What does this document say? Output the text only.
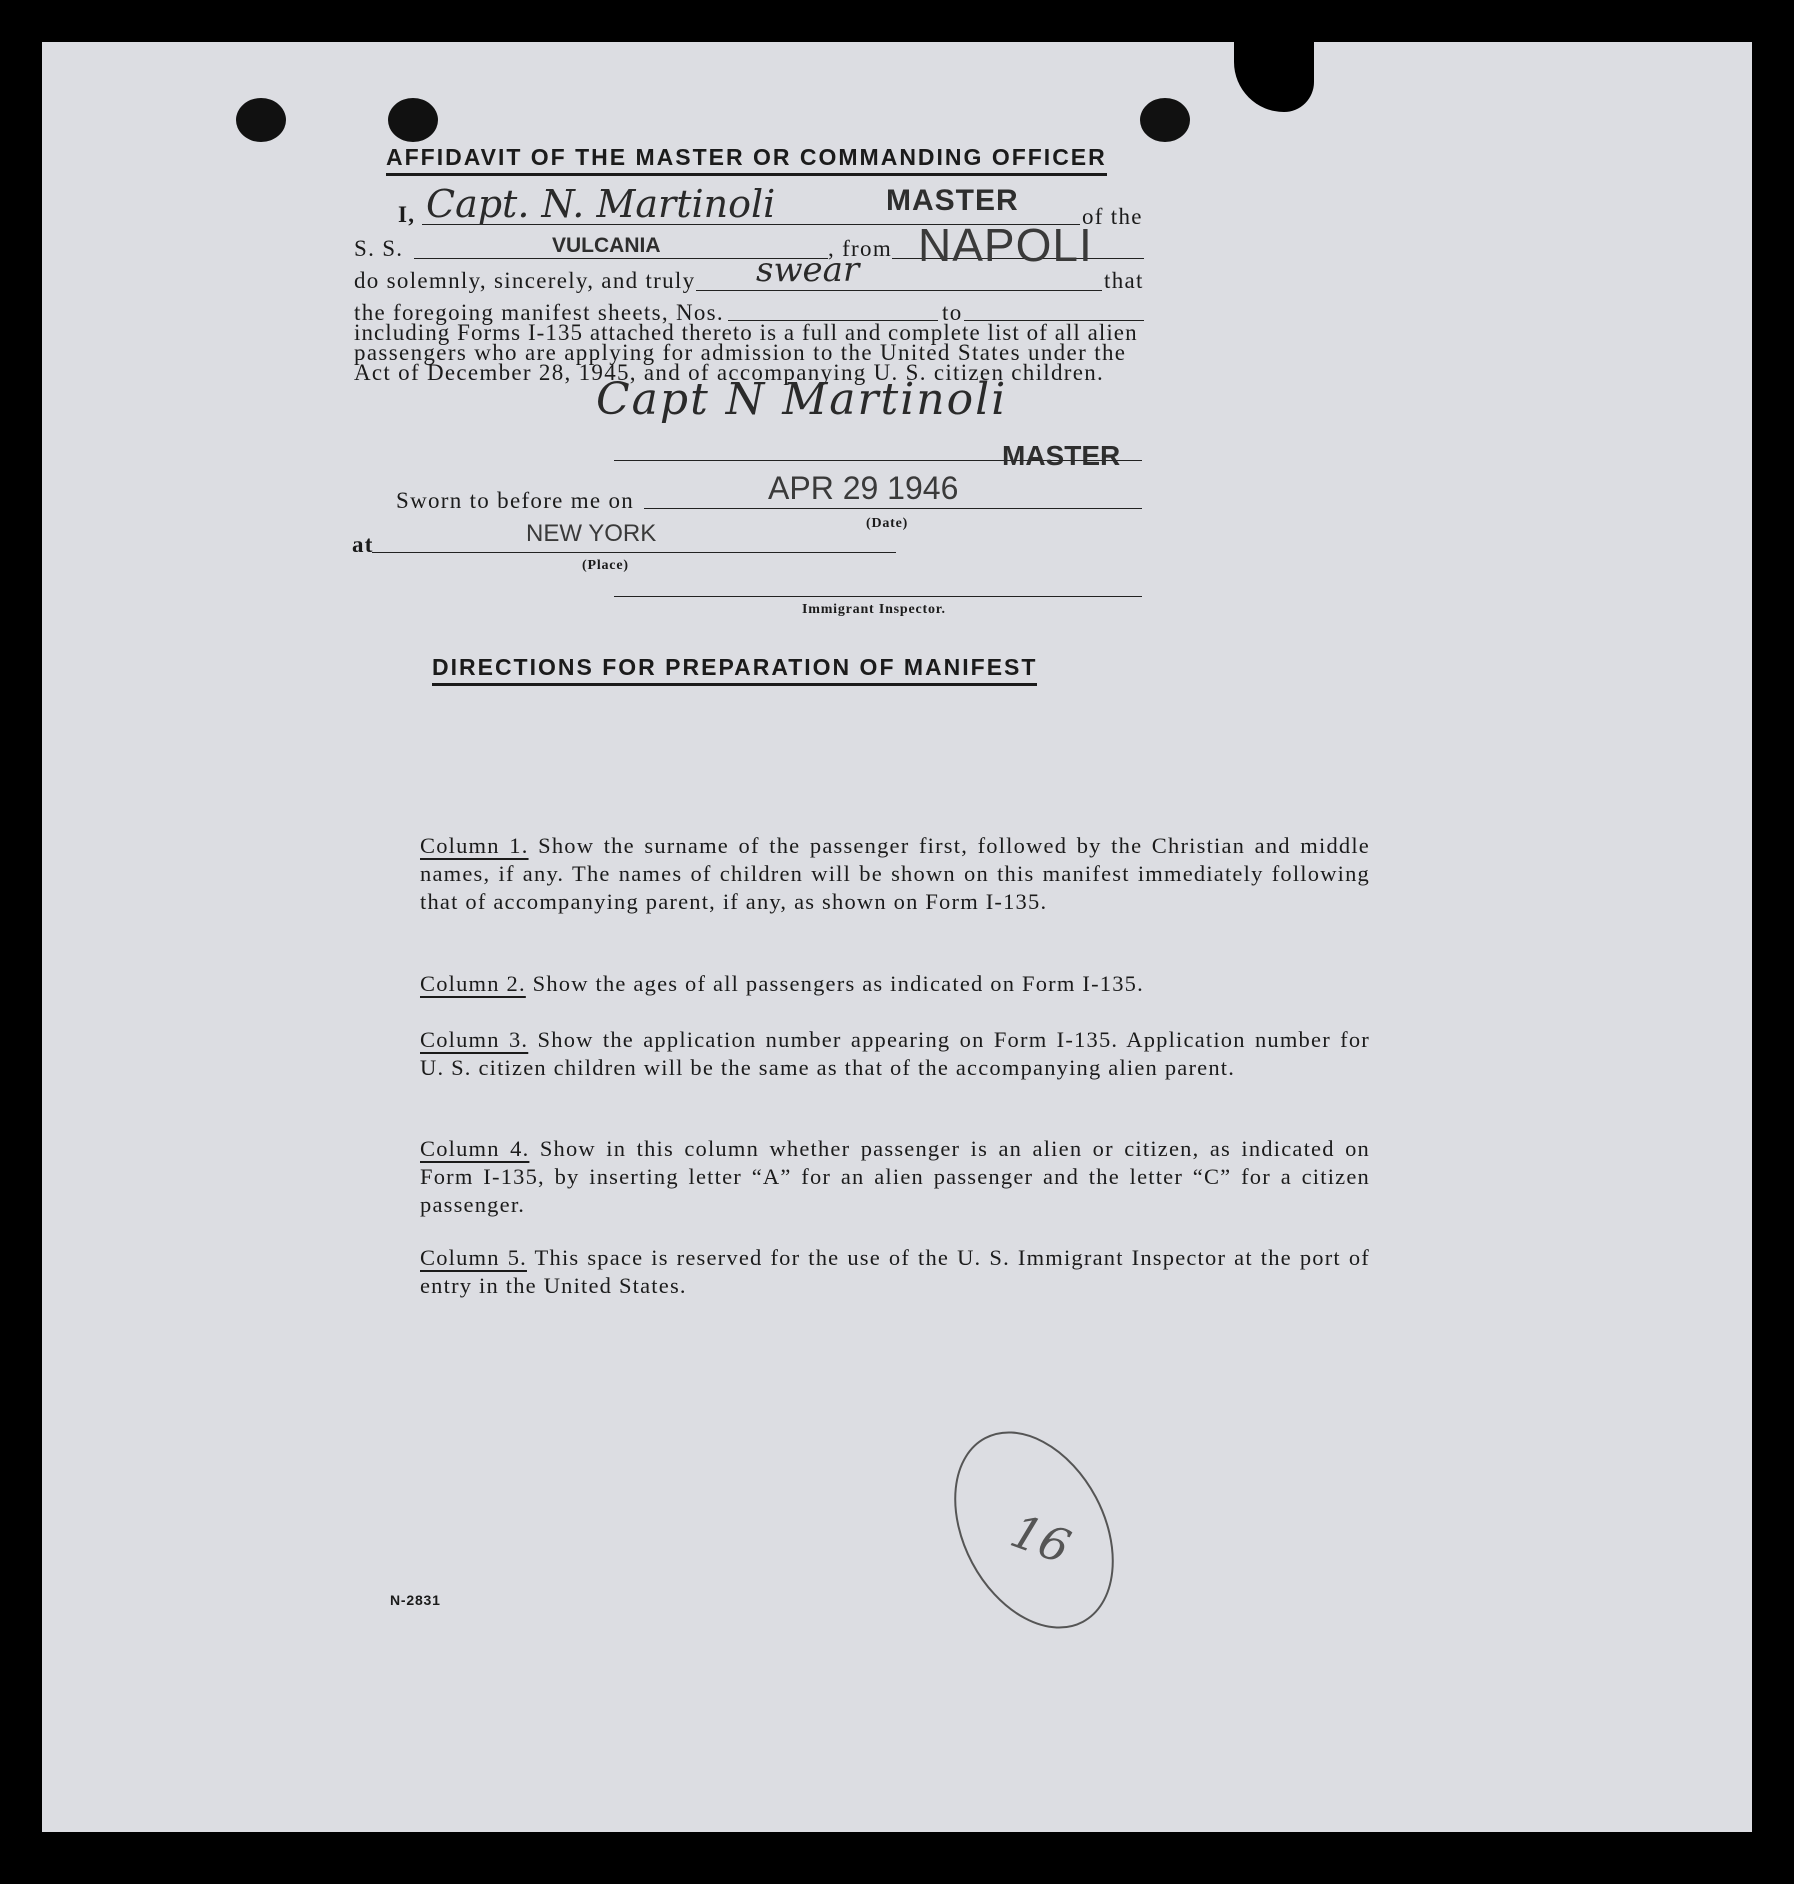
AFFIDAVIT OF THE MASTER OR COMMANDING OFFICER
I, Capt. N. Martinoli	MASTER	of the
S. S.	VULCANIA	, from NAPOLI
do solemnly, sincerely, and truly swear	that
the foregoing manifest sheets, Nos.	to
including Forms I-135 attached thereto is a full and complete list of all alien
passengers who are applying for admission to the United States under the
Act of December 28, 1945, and of accompanying U. S. citizen children.
Capt N Martinoli
MASTER
Sworn to before me on	APR 29 1946
(Date)
at	NEW YORK
(Place)
Immigrant Inspector.
DIRECTIONS FOR PREPARATION OF MANIFEST
Column 1. Show the surname of the passenger first, followed by the Christian and middle names, if any. The names of children will be shown on this manifest immediately following that of accompanying parent, if any, as shown on Form I-135.
Column 2. Show the ages of all passengers as indicated on Form I-135.
Column 3. Show the application number appearing on Form I-135. Application number for U. S. citizen children will be the same as that of the accompanying alien parent.
Column 4. Show in this column whether passenger is an alien or citizen, as indicated on Form I-135, by inserting letter “A” for an alien passenger and the letter “C” for a citizen passenger.
Column 5. This space is reserved for the use of the U. S. Immigrant Inspector at the port of entry in the United States.
16
N-2831
